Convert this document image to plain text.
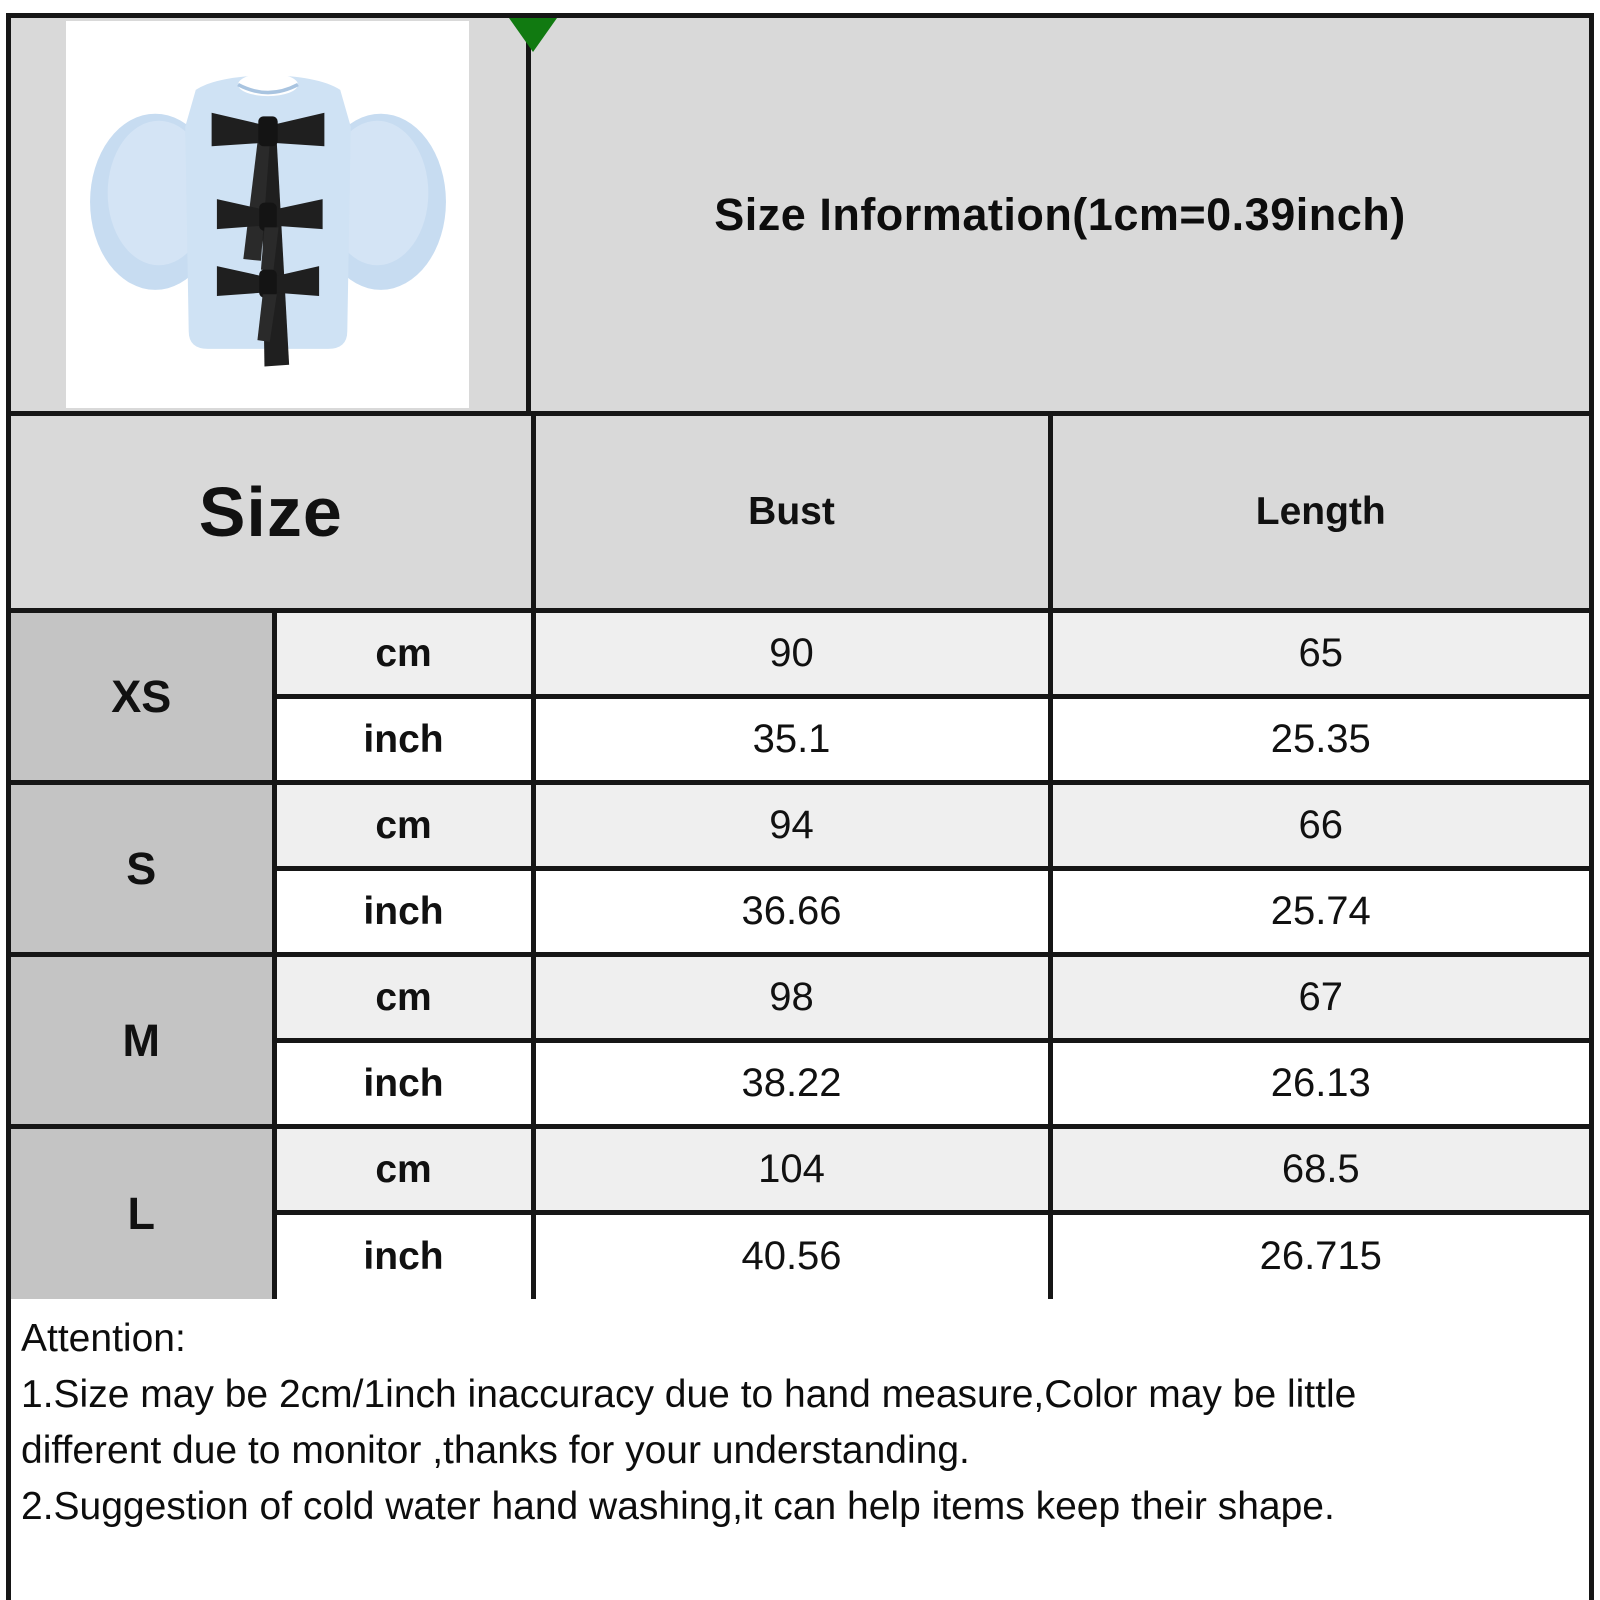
Size Information(1cm=0.39inch)
Size		Bust	Length
XS	cm	90	65
	inch	35.1	25.35
S	cm	94	66
	inch	36.66	25.74
M	cm	98	67
	inch	38.22	26.13
L	cm	104	68.5
	inch	40.56	26.715
Attention:
1.Size may be 2cm/1inch inaccuracy due to hand measure,Color may be little
different due to monitor ,thanks for your understanding.
2.Suggestion of cold water hand washing,it can help items keep their shape.
